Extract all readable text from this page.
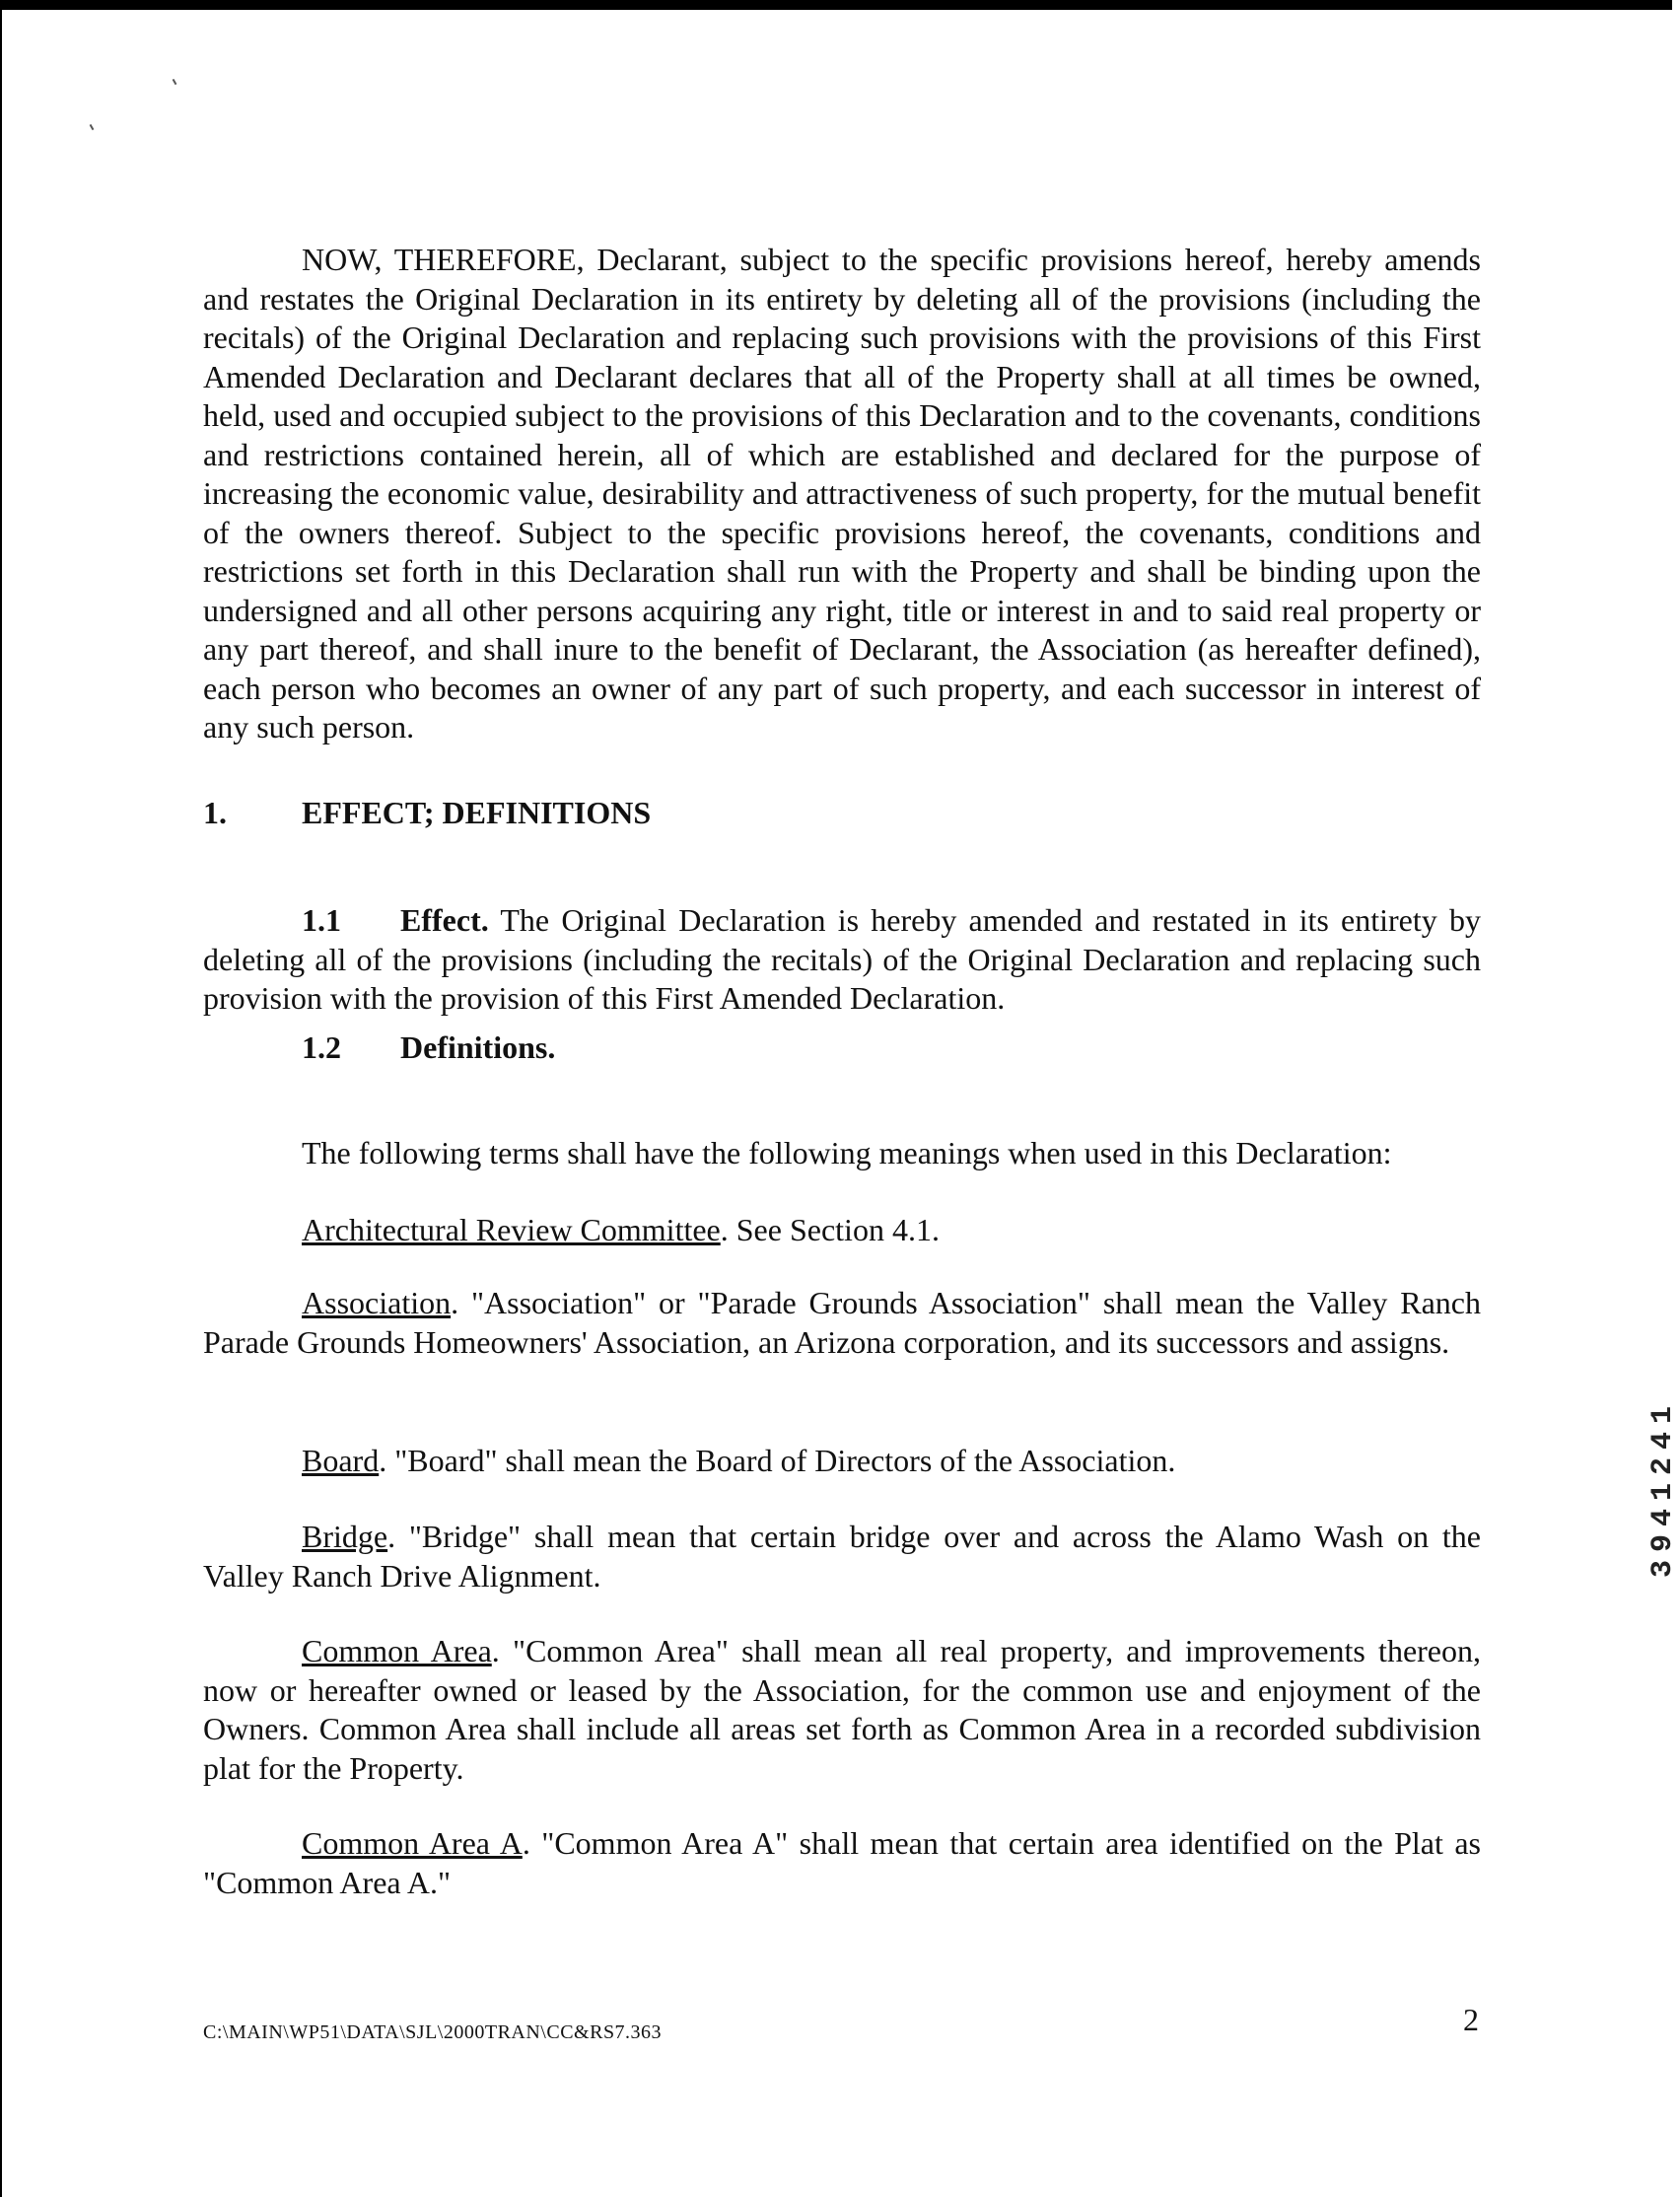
NOW, THEREFORE, Declarant, subject to the specific provisions hereof, hereby amends and restates the Original Declaration in its entirety by deleting all of the provisions (including the recitals) of the Original Declaration and replacing such provisions with the provisions of this First Amended Declaration and Declarant declares that all of the Property shall at all times be owned, held, used and occupied subject to the provisions of this Declaration and to the covenants, conditions and restrictions contained herein, all of which are established and declared for the purpose of increasing the economic value, desirability and attractiveness of such property, for the mutual benefit of the owners thereof. Subject to the specific provisions hereof, the covenants, conditions and restrictions set forth in this Declaration shall run with the Property and shall be binding upon the undersigned and all other persons acquiring any right, title or interest in and to said real property or any part thereof, and shall inure to the benefit of Declarant, the Association (as hereafter defined), each person who becomes an owner of any part of such property, and each successor in interest of any such person.

1. EFFECT; DEFINITIONS

1.1 Effect. The Original Declaration is hereby amended and restated in its entirety by deleting all of the provisions (including the recitals) of the Original Declaration and replacing such provision with the provision of this First Amended Declaration.

1.2 Definitions.

The following terms shall have the following meanings when used in this Declaration:

Architectural Review Committee. See Section 4.1.

Association. "Association" or "Parade Grounds Association" shall mean the Valley Ranch Parade Grounds Homeowners' Association, an Arizona corporation, and its successors and assigns.

Board. "Board" shall mean the Board of Directors of the Association.

Bridge. "Bridge" shall mean that certain bridge over and across the Alamo Wash on the Valley Ranch Drive Alignment.

Common Area. "Common Area" shall mean all real property, and improvements thereon, now or hereafter owned or leased by the Association, for the common use and enjoyment of the Owners. Common Area shall include all areas set forth as Common Area in a recorded subdivision plat for the Property.

Common Area A. "Common Area A" shall mean that certain area identified on the Plat as "Common Area A."

3941241
C:\MAIN\WP51\DATA\SJL\2000TRAN\CC&RS7.363	2
